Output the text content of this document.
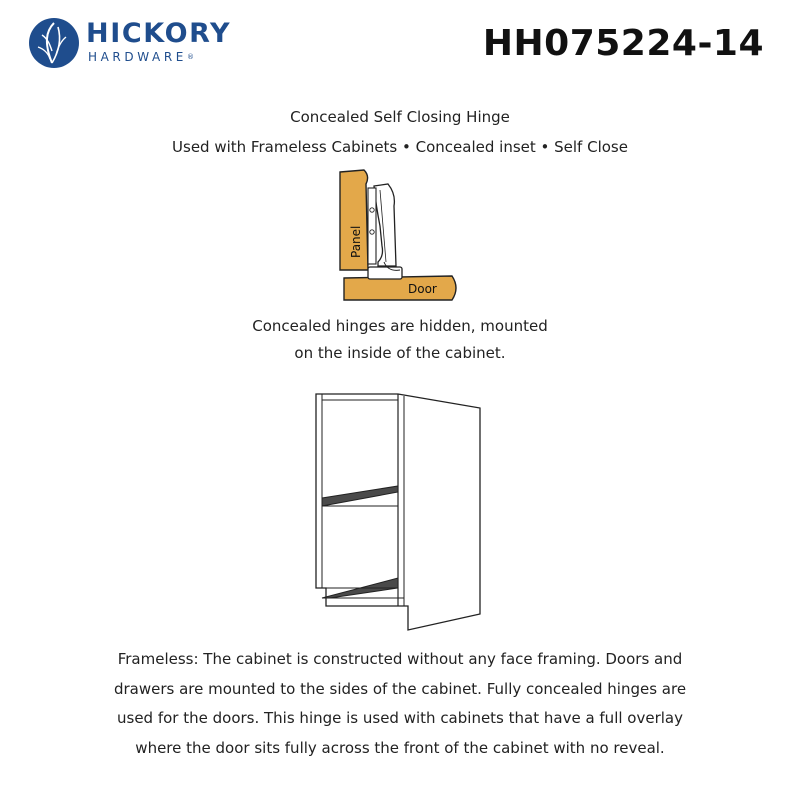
HICKORY
HARDWARE®	HH075224-14
Concealed Self Closing Hinge
Used with Frameless Cabinets • Concealed inset • Self Close
Panel
Door
Concealed hinges are hidden, mounted
on the inside of the cabinet.
Frameless: The cabinet is constructed without any face framing. Doors and
drawers are mounted to the sides of the cabinet. Fully concealed hinges are
used for the doors. This hinge is used with cabinets that have a full overlay
where the door sits fully across the front of the cabinet with no reveal.
